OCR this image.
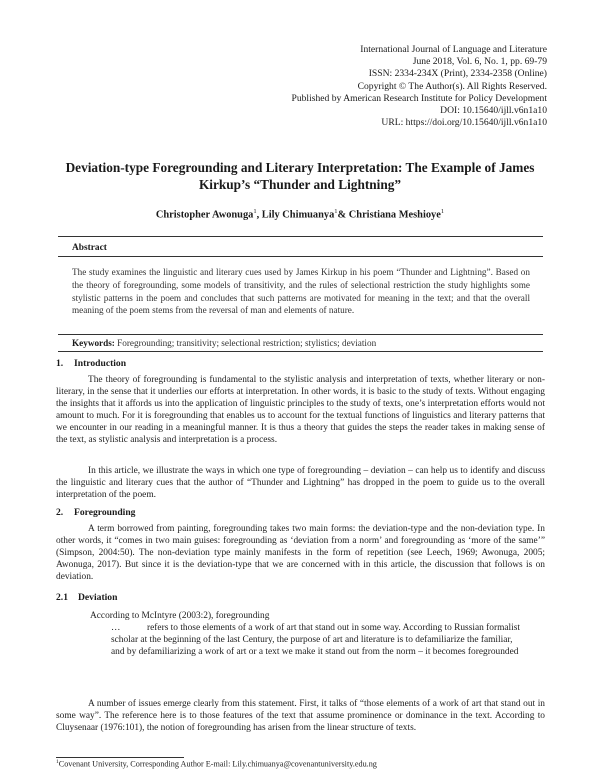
International Journal of Language and Literature
June 2018, Vol. 6, No. 1, pp. 69-79
ISSN: 2334-234X (Print), 2334-2358 (Online)
Copyright © The Author(s). All Rights Reserved.
Published by American Research Institute for Policy Development
DOI: 10.15640/ijll.v6n1a10
URL: https://doi.org/10.15640/ijll.v6n1a10
Deviation-type Foregrounding and Literary Interpretation: The Example of James
Kirkup’s “Thunder and Lightning”
Christopher Awonuga$^1$, Lily Chimuanya$^1$& Christiana Meshioye$^1$
Abstract
The study examines the linguistic and literary cues used by James Kirkup in his poem “Thunder and Lightning”. Based on the theory of foregrounding, some models of transitivity, and the rules of selectional restriction the study highlights some stylistic patterns in the poem and concludes that such patterns are motivated for meaning in the text; and that the overall meaning of the poem stems from the reversal of man and elements of nature.
Keywords: Foregrounding; transitivity; selectional restriction; stylistics; deviation
1. Introduction
The theory of foregrounding is fundamental to the stylistic analysis and interpretation of texts, whether literary or non-literary, in the sense that it underlies our efforts at interpretation. In other words, it is basic to the study of texts. Without engaging the insights that it affords us into the application of linguistic principles to the study of texts, one’s interpretation efforts would not amount to much. For it is foregrounding that enables us to account for the textual functions of linguistics and literary patterns that we encounter in our reading in a meaningful manner. It is thus a theory that guides the steps the reader takes in making sense of the text, as stylistic analysis and interpretation is a process.
In this article, we illustrate the ways in which one type of foregrounding – deviation – can help us to identify and discuss the linguistic and literary cues that the author of “Thunder and Lightning” has dropped in the poem to guide us to the overall interpretation of the poem.
2. Foregrounding
A term borrowed from painting, foregrounding takes two main forms: the deviation-type and the non-deviation type. In other words, it “comes in two main guises: foregrounding as ‘deviation from a norm’ and foregrounding as ‘more of the same’” (Simpson, 2004:50). The non-deviation type mainly manifests in the form of repetition (see Leech, 1969; Awonuga, 2005; Awonuga, 2017). But since it is the deviation-type that we are concerned with in this article, the discussion that follows is on deviation.
2.1 Deviation
According to McIntyre (2003:2), foregrounding
…	refers to those elements of a work of art that stand out in some way. According to Russian formalist scholar at the beginning of the last Century, the purpose of art and literature is to defamiliarize the familiar, and by defamiliarizing a work of art or a text we make it stand out from the norm – it becomes foregrounded
A number of issues emerge clearly from this statement. First, it talks of “those elements of a work of art that stand out in some way”. The reference here is to those features of the text that assume prominence or dominance in the text. According to Cluysenaar (1976:101), the notion of foregrounding has arisen from the linear structure of texts.
$^1$Covenant University, Corresponding Author E-mail: Lily.chimuanya@covenantuniversity.edu.ng
